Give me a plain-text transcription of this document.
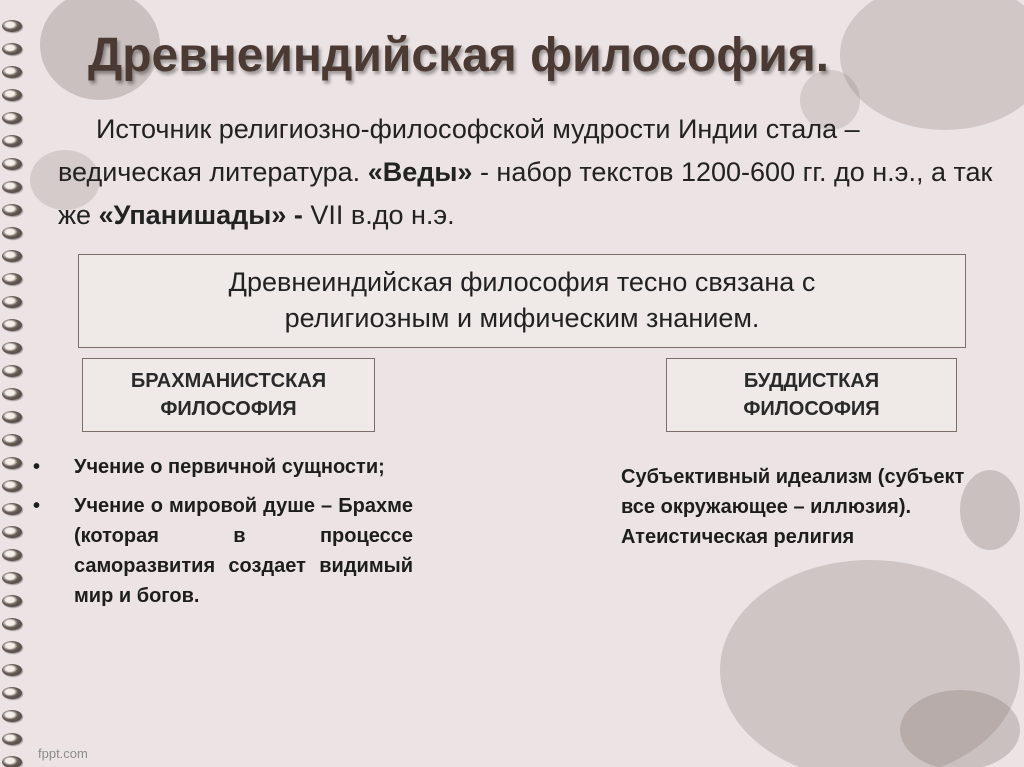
Древнеиндийская философия.
Источник религиозно-философской мудрости Индии стала – ведическая литература. «Веды» - набор текстов 1200-600 гг. до н.э., а так же «Упанишады» - VII в.до н.э.
Древнеиндийская философия тесно связана с
религиозным и мифическим знанием.
БРАХМАНИСТСКАЯ
ФИЛОСОФИЯ
БУДДИСТКАЯ
ФИЛОСОФИЯ
• Учение о первичной сущности;
• Учение о мировой душе – Брахме (которая в процессе саморазвития создает видимый мир и богов.
Субъективный идеализм (субъект все окружающее – иллюзия). Атеистическая религия
fppt.com
